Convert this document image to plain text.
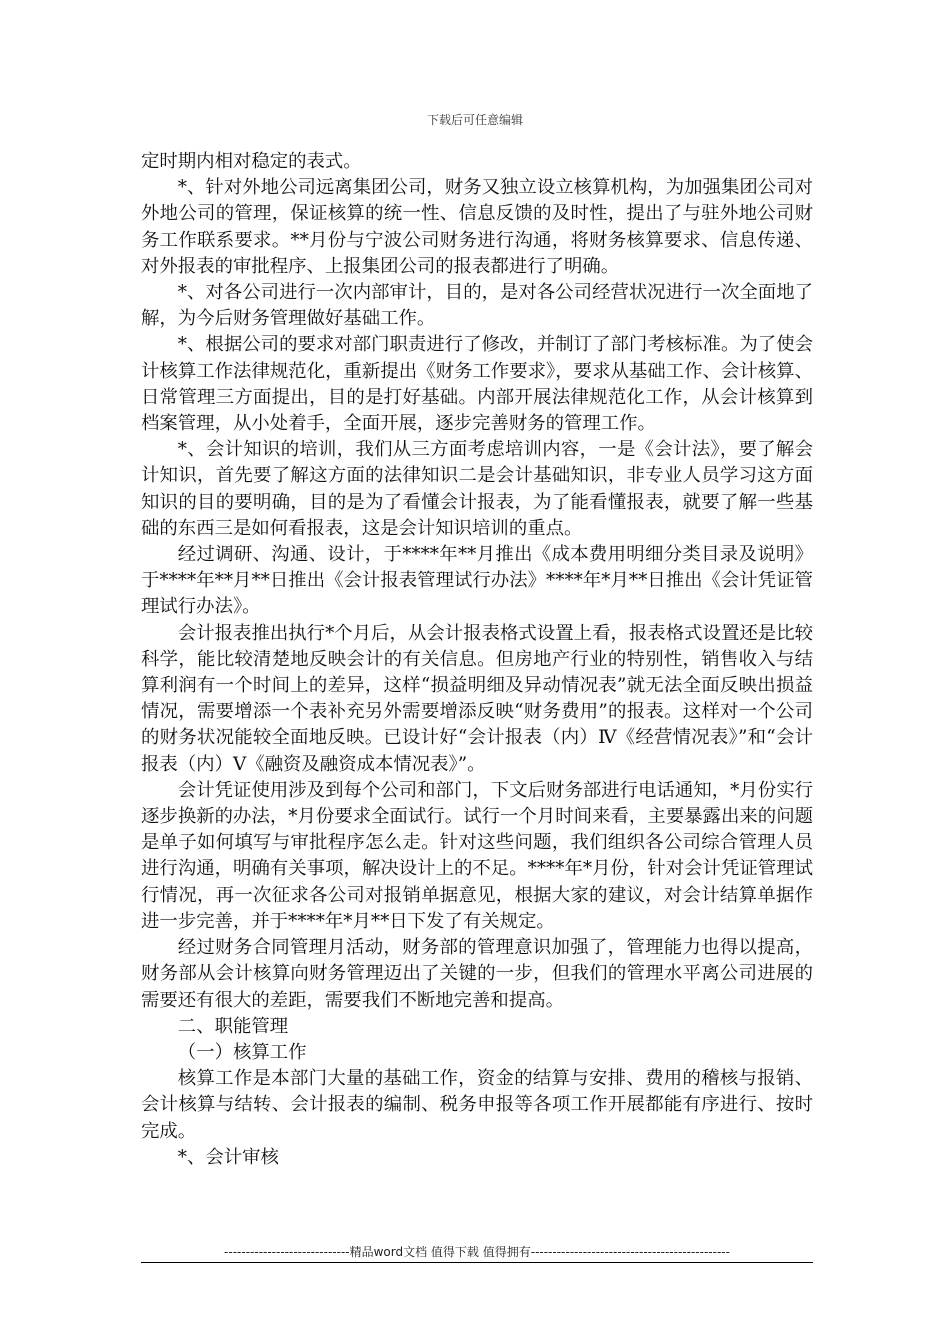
下载后可任意编辑

定时期内相对稳定的表式。

*、针对外地公司远离集团公司，财务又独立设立核算机构，为加强集团公司对外地公司的管理，保证核算的统一性、信息反馈的及时性，提出了与驻外地公司财务工作联系要求。**月份与宁波公司财务进行沟通，将财务核算要求、信息传递、对外报表的审批程序、上报集团公司的报表都进行了明确。

*、对各公司进行一次内部审计，目的，是对各公司经营状况进行一次全面地了解，为今后财务管理做好基础工作。

*、根据公司的要求对部门职责进行了修改，并制订了部门考核标准。为了使会计核算工作法律规范化，重新提出《财务工作要求》，要求从基础工作、会计核算、日常管理三方面提出，目的是打好基础。内部开展法律规范化工作，从会计核算到档案管理，从小处着手，全面开展，逐步完善财务的管理工作。

*、会计知识的培训，我们从三方面考虑培训内容，一是《会计法》，要了解会计知识，首先要了解这方面的法律知识二是会计基础知识，非专业人员学习这方面知识的目的要明确，目的是为了看懂会计报表，为了能看懂报表，就要了解一些基础的东西三是如何看报表，这是会计知识培训的重点。

经过调研、沟通、设计，于****年**月推出《成本费用明细分类目录及说明》于****年**月**日推出《会计报表管理试行办法》****年*月**日推出《会计凭证管理试行办法》。

会计报表推出执行*个月后，从会计报表格式设置上看，报表格式设置还是比较科学，能比较清楚地反映会计的有关信息。但房地产行业的特别性，销售收入与结算利润有一个时间上的差异，这样“损益明细及异动情况表”就无法全面反映出损益情况，需要增添一个表补充另外需要增添反映“财务费用”的报表。这样对一个公司的财务状况能较全面地反映。已设计好“会计报表（内）Ⅳ《经营情况表》”和“会计报表（内）Ⅴ《融资及融资成本情况表》”。

会计凭证使用涉及到每个公司和部门，下文后财务部进行电话通知，*月份实行逐步换新的办法，*月份要求全面试行。试行一个月时间来看，主要暴露出来的问题是单子如何填写与审批程序怎么走。针对这些问题，我们组织各公司综合管理人员进行沟通，明确有关事项，解决设计上的不足。****年*月份，针对会计凭证管理试行情况，再一次征求各公司对报销单据意见，根据大家的建议，对会计结算单据作进一步完善，并于****年*月**日下发了有关规定。

经过财务合同管理月活动，财务部的管理意识加强了，管理能力也得以提高，财务部从会计核算向财务管理迈出了关键的一步，但我们的管理水平离公司进展的需要还有很大的差距，需要我们不断地完善和提高。

二、职能管理

（一）核算工作

核算工作是本部门大量的基础工作，资金的结算与安排、费用的稽核与报销、会计核算与结转、会计报表的编制、税务申报等各项工作开展都能有序进行、按时完成。

*、会计审核

-----------------------------精品word文档 值得下载 值得拥有----------------------------------------------
